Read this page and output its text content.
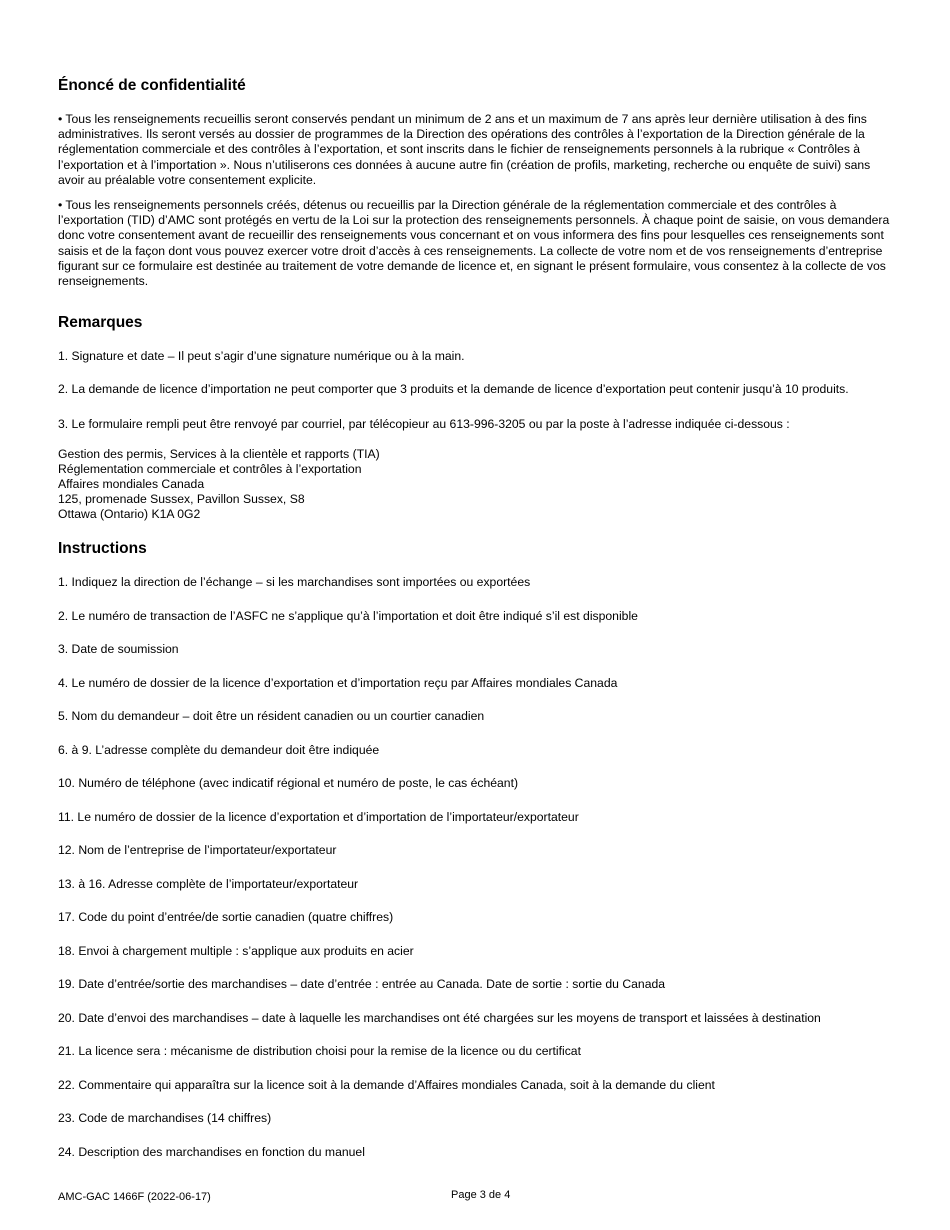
Énoncé de confidentialité

• Tous les renseignements recueillis seront conservés pendant un minimum de 2 ans et un maximum de 7 ans après leur dernière utilisation à des fins administratives. Ils seront versés au dossier de programmes de la Direction des opérations des contrôles à l’exportation de la Direction générale de la réglementation commerciale et des contrôles à l’exportation, et sont inscrits dans le fichier de renseignements personnels à la rubrique « Contrôles à l’exportation et à l’importation ». Nous n’utiliserons ces données à aucune autre fin (création de profils, marketing, recherche ou enquête de suivi) sans avoir au préalable votre consentement explicite.

• Tous les renseignements personnels créés, détenus ou recueillis par la Direction générale de la réglementation commerciale et des contrôles à l’exportation (TID) d’AMC sont protégés en vertu de la Loi sur la protection des renseignements personnels. À chaque point de saisie, on vous demandera donc votre consentement avant de recueillir des renseignements vous concernant et on vous informera des fins pour lesquelles ces renseignements sont saisis et de la façon dont vous pouvez exercer votre droit d’accès à ces renseignements. La collecte de votre nom et de vos renseignements d’entreprise figurant sur ce formulaire est destinée au traitement de votre demande de licence et, en signant le présent formulaire, vous consentez à la collecte de vos renseignements.

Remarques

1. Signature et date – Il peut s’agir d’une signature numérique ou à la main.

2. La demande de licence d’importation ne peut comporter que 3 produits et la demande de licence d’exportation peut contenir jusqu’à 10 produits.

3. Le formulaire rempli peut être renvoyé par courriel, par télécopieur au 613-996-3205 ou par la poste à l’adresse indiquée ci-dessous :

Gestion des permis, Services à la clientèle et rapports (TIA)

Réglementation commerciale et contrôles à l’exportation

Affaires mondiales Canada

125, promenade Sussex, Pavillon Sussex, S8

Ottawa (Ontario) K1A 0G2

Instructions

1. Indiquez la direction de l’échange – si les marchandises sont importées ou exportées

2. Le numéro de transaction de l’ASFC ne s’applique qu’à l’importation et doit être indiqué s’il est disponible

3. Date de soumission

4. Le numéro de dossier de la licence d’exportation et d’importation reçu par Affaires mondiales Canada

5. Nom du demandeur – doit être un résident canadien ou un courtier canadien

6. à 9. L’adresse complète du demandeur doit être indiquée

10. Numéro de téléphone (avec indicatif régional et numéro de poste, le cas échéant)

11. Le numéro de dossier de la licence d’exportation et d’importation de l’importateur/exportateur

12. Nom de l’entreprise de l’importateur/exportateur

13. à 16. Adresse complète de l’importateur/exportateur

17. Code du point d’entrée/de sortie canadien (quatre chiffres)

18. Envoi à chargement multiple : s’applique aux produits en acier

19. Date d’entrée/sortie des marchandises – date d’entrée : entrée au Canada. Date de sortie : sortie du Canada

20. Date d’envoi des marchandises – date à laquelle les marchandises ont été chargées sur les moyens de transport et laissées à destination

21. La licence sera : mécanisme de distribution choisi pour la remise de la licence ou du certificat

22. Commentaire qui apparaîtra sur la licence soit à la demande d’Affaires mondiales Canada, soit à la demande du client

23. Code de marchandises (14 chiffres)

24. Description des marchandises en fonction du manuel

AMC-GAC 1466F (2022-06-17)	Page 3 de 4
